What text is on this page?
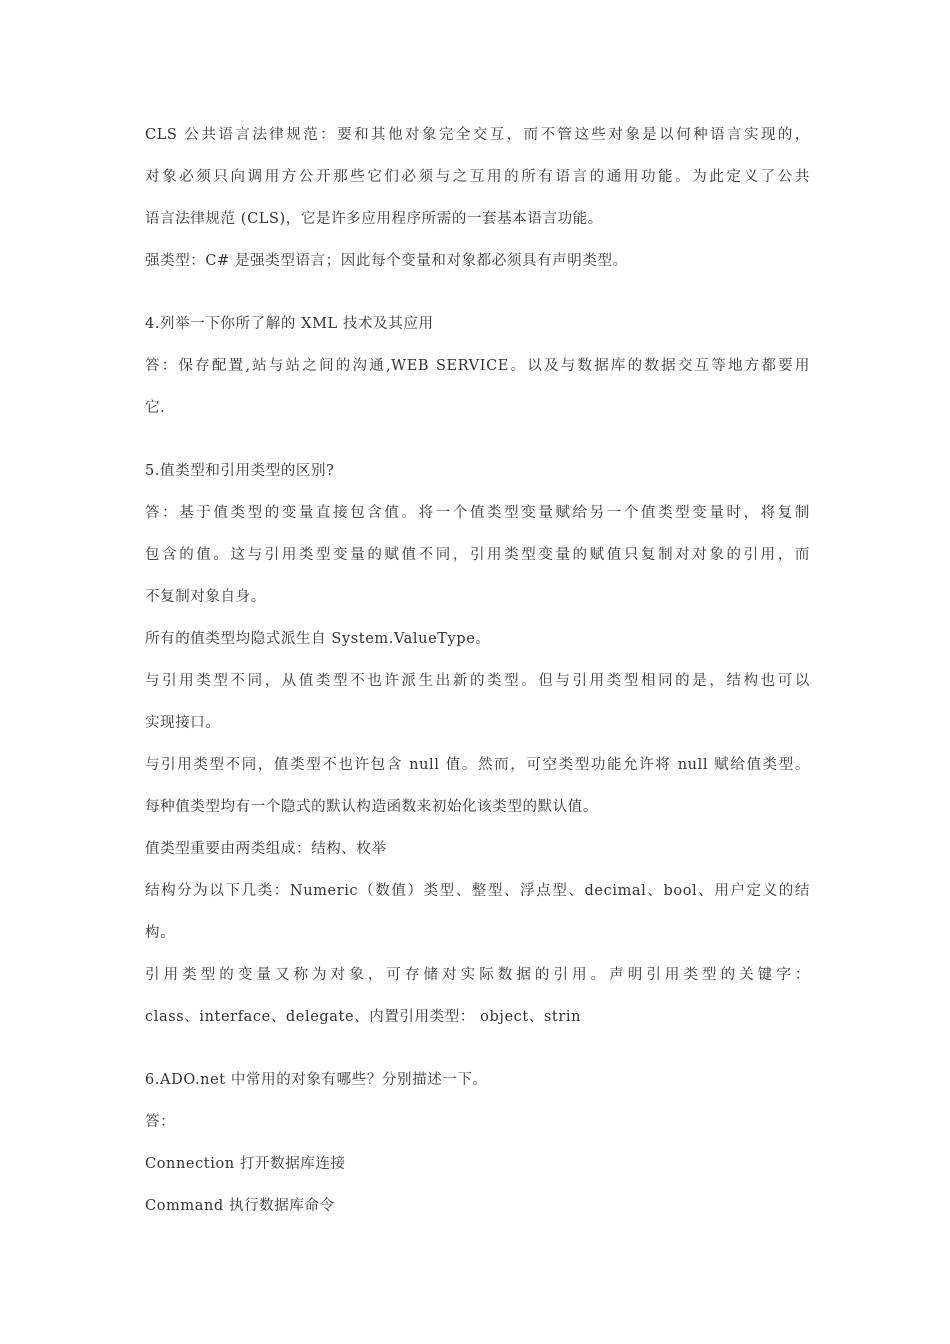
CLS 公共语言法律规范：要和其他对象完全交互，而不管这些对象是以何种语言实现的，
对象必须只向调用方公开那些它们必须与之互用的所有语言的通用功能。为此定义了公共
语言法律规范 (CLS)，它是许多应用程序所需的一套基本语言功能。
强类型：C# 是强类型语言；因此每个变量和对象都必须具有声明类型。
4.列举一下你所了解的 XML 技术及其应用
答：保存配置,站与站之间的沟通,WEB SERVICE。以及与数据库的数据交互等地方都要用
它.
5.值类型和引用类型的区别?
答：基于值类型的变量直接包含值。将一个值类型变量赋给另一个值类型变量时，将复制
包含的值。这与引用类型变量的赋值不同，引用类型变量的赋值只复制对对象的引用，而
不复制对象自身。
所有的值类型均隐式派生自 System.ValueType。
与引用类型不同，从值类型不也许派生出新的类型。但与引用类型相同的是，结构也可以
实现接口。
与引用类型不同，值类型不也许包含 null 值。然而，可空类型功能允许将 null 赋给值类型。
每种值类型均有一个隐式的默认构造函数来初始化该类型的默认值。
值类型重要由两类组成：结构、枚举
结构分为以下几类：Numeric（数值）类型、整型、浮点型、decimal、bool、用户定义的结
构。
引用类型的变量又称为对象，可存储对实际数据的引用。声明引用类型的关键字：
class、interface、delegate、内置引用类型： object、strin
6.ADO.net 中常用的对象有哪些？分别描述一下。
答：
Connection 打开数据库连接
Command 执行数据库命令
